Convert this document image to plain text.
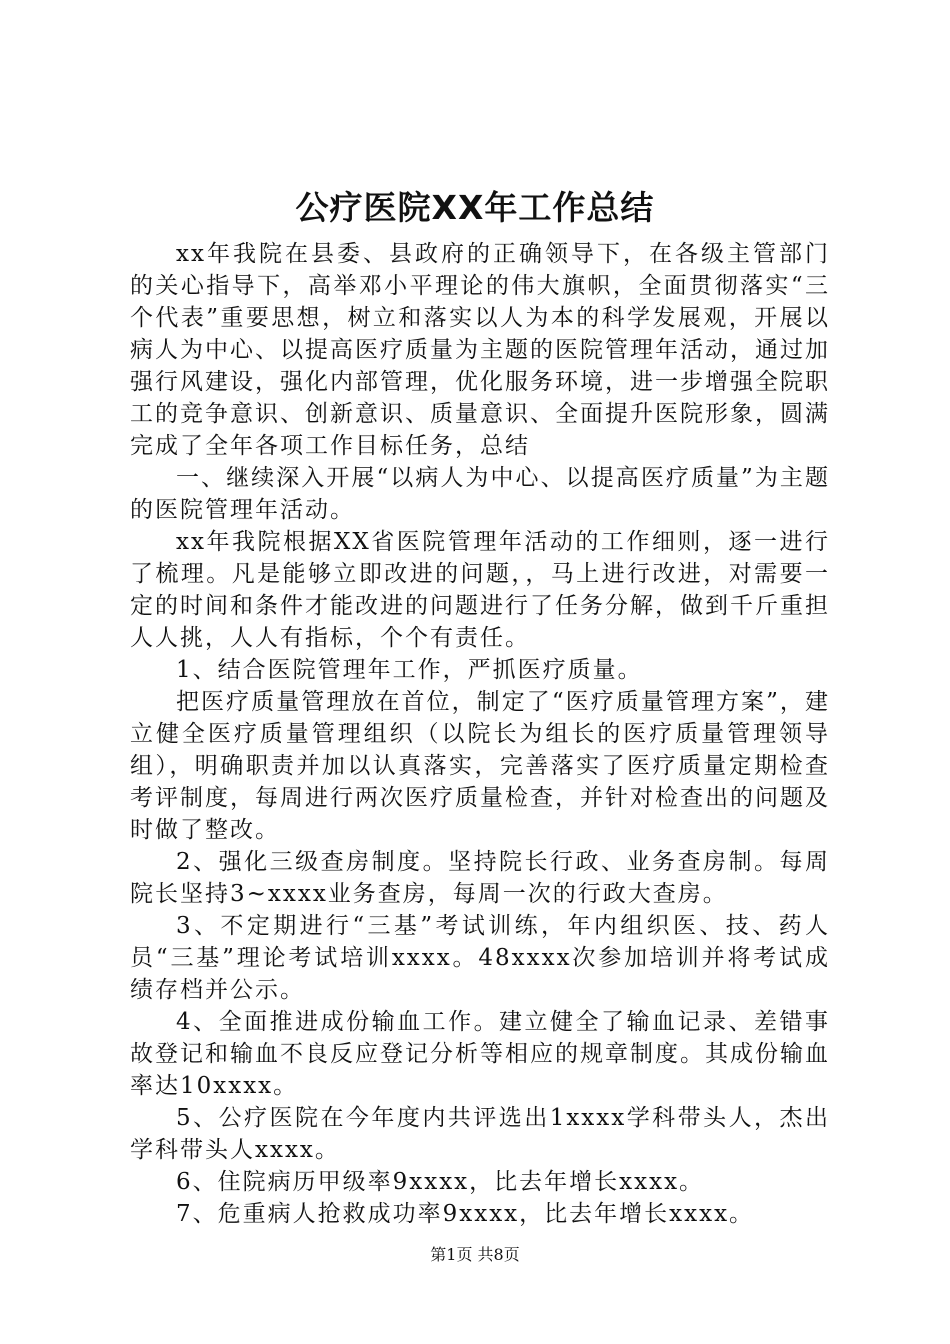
公疗医院XX年工作总结

xx年我院在县委、县政府的正确领导下，在各级主管部门的关心指导下，高举邓小平理论的伟大旗帜，全面贯彻落实“三个代表”重要思想，树立和落实以人为本的科学发展观，开展以病人为中心、以提高医疗质量为主题的医院管理年活动，通过加强行风建设，强化内部管理，优化服务环境，进一步增强全院职工的竞争意识、创新意识、质量意识、全面提升医院形象，圆满完成了全年各项工作目标任务，总结

一、继续深入开展“以病人为中心、以提高医疗质量”为主题的医院管理年活动。

xx年我院根据XX省医院管理年活动的工作细则，逐一进行了梳理。凡是能够立即改进的问题，，马上进行改进，对需要一定的时间和条件才能改进的问题进行了任务分解，做到千斤重担人人挑，人人有指标，个个有责任。

1、结合医院管理年工作，严抓医疗质量。

把医疗质量管理放在首位，制定了“医疗质量管理方案”，建立健全医疗质量管理组织（以院长为组长的医疗质量管理领导组），明确职责并加以认真落实，完善落实了医疗质量定期检查考评制度，每周进行两次医疗质量检查，并针对检查出的问题及时做了整改。

2、强化三级查房制度。坚持院长行政、业务查房制。每周院长坚持3~xxxx业务查房，每周一次的行政大查房。

3、不定期进行“三基”考试训练，年内组织医、技、药人员“三基”理论考试培训xxxx。48xxxx次参加培训并将考试成绩存档并公示。

4、全面推进成份输血工作。建立健全了输血记录、差错事故登记和输血不良反应登记分析等相应的规章制度。其成份输血率达10xxxx。

5、公疗医院在今年度内共评选出1xxxx学科带头人，杰出学科带头人xxxx。

6、住院病历甲级率9xxxx，比去年增长xxxx。

7、危重病人抢救成功率9xxxx，比去年增长xxxx。

第1页 共8页
